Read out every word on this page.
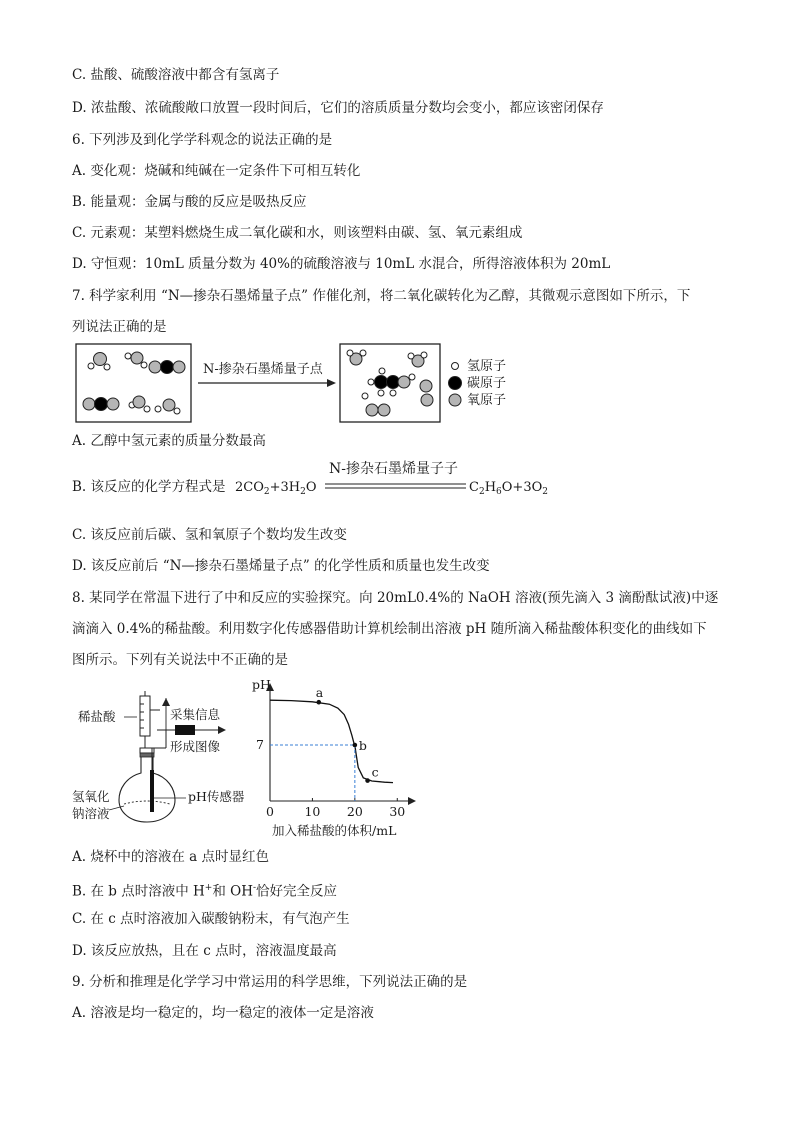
C. 盐酸、硫酸溶液中都含有氢离子
D. 浓盐酸、浓硫酸敞口放置一段时间后，它们的溶质质量分数均会变小，都应该密闭保存
6. 下列涉及到化学学科观念的说法正确的是
A. 变化观：烧碱和纯碱在一定条件下可相互转化
B. 能量观：金属与酸的反应是吸热反应
C. 元素观：某塑料燃烧生成二氧化碳和水，则该塑料由碳、氢、氧元素组成
D. 守恒观：10mL 质量分数为 40%的硫酸溶液与 10mL 水混合，所得溶液体积为 20mL
7. 科学家利用 “N—掺杂石墨烯量子点” 作催化剂，将二氧化碳转化为乙醇，其微观示意图如下所示，下
列说法正确的是
N-掺杂石墨烯量子点	氢原子
碳原子
氧原子
A. 乙醇中氢元素的质量分数最高
B. 该反应的化学方程式是 $2CO_2+3H_2O$
N-掺杂石墨烯量子子
$C_2H_6O+3O_2$
C. 该反应前后碳、氢和氧原子个数均发生改变
D. 该反应前后 “N—掺杂石墨烯量子点” 的化学性质和质量也发生改变
8. 某同学在常温下进行了中和反应的实验探究。向 20mL0.4%的 NaOH 溶液(预先滴入 3 滴酚酞试液)中逐
滴滴入 0.4%的稀盐酸。利用数字化传感器借助计算机绘制出溶液 pH 随所滴入稀盐酸体积变化的曲线如下
图所示。下列有关说法中不正确的是
稀盐酸	采集信息
形成图像
pH传感器
氢氧化
钠溶液
pH
加入稀盐酸的体积/mL
0 10 20 30
7
a
b
c
A. 烧杯中的溶液在 a 点时显红色
B. 在 b 点时溶液中 H+和 OH-恰好完全反应
C. 在 c 点时溶液加入碳酸钠粉末，有气泡产生
D. 该反应放热，且在 c 点时，溶液温度最高
9. 分析和推理是化学学习中常运用的科学思维，下列说法正确的是
A. 溶液是均一稳定的，均一稳定的液体一定是溶液
